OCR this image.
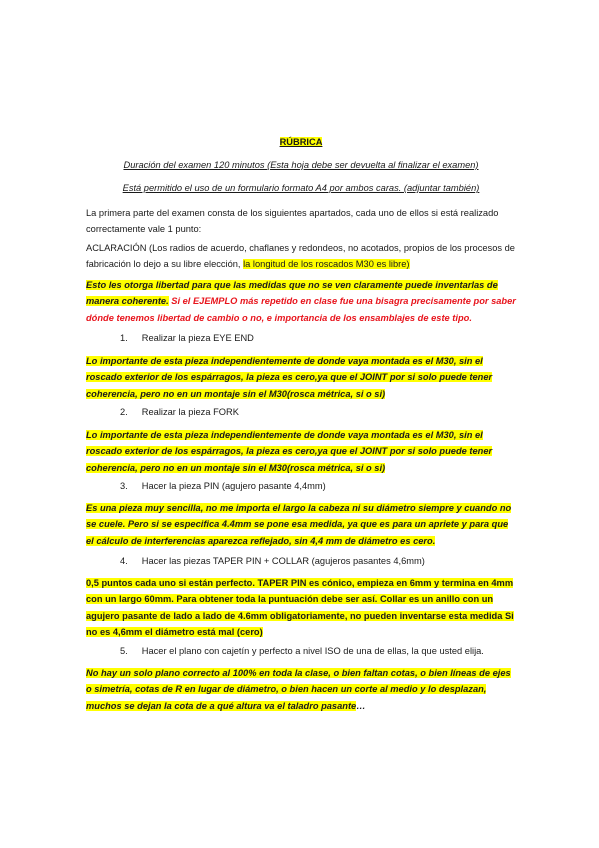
RÚBRICA

Duración del examen 120 minutos (Esta hoja debe ser devuelta al finalizar el examen)

Está permitido el uso de un formulario formato A4 por ambos caras. (adjuntar también)

La primera parte del examen consta de los siguientes apartados, cada uno de ellos si está realizado correctamente vale 1 punto:

ACLARACIÓN (Los radios de acuerdo, chaflanes y redondeos, no acotados, propios de los procesos de fabricación lo dejo a su libre elección, la longitud de los roscados M30 es libre)

Esto les otorga libertad para que las medidas que no se ven claramente puede inventarlas de manera coherente. Si el EJEMPLO más repetido en clase fue una bisagra precisamente por saber dónde tenemos libertad de cambio o no, e importancia de los ensamblajes de este tipo.

1. Realizar la pieza EYE END

Lo importante de esta pieza independientemente de donde vaya montada es el M30, sin el roscado exterior de los espárragos, la pieza es cero,ya que el JOINT por si solo puede tener coherencia, pero no en un montaje sin el M30(rosca métrica, si o si)

2. Realizar la pieza FORK

Lo importante de esta pieza independientemente de donde vaya montada es el M30, sin el roscado exterior de los espárragos, la pieza es cero,ya que el JOINT por si solo puede tener coherencia, pero no en un montaje sin el M30(rosca métrica, si o si)

3. Hacer la pieza PIN (agujero pasante 4,4mm)

Es una pieza muy sencilla, no me importa el largo la cabeza ni su diámetro siempre y cuando no se cuele. Pero si se especifica 4.4mm se pone esa medida, ya que es para un apriete y para que el cálculo de interferencias aparezca reflejado, sin 4,4 mm de diámetro es cero.

4. Hacer las piezas TAPER PIN + COLLAR (agujeros pasantes 4,6mm)

0,5 puntos cada uno si están perfecto. TAPER PIN es cónico, empieza en 6mm y termina en 4mm con un largo 60mm. Para obtener toda la puntuación debe ser así. Collar es un anillo con un agujero pasante de lado a lado de 4.6mm obligatoriamente, no pueden inventarse esta medida Si no es 4,6mm el diámetro está mal (cero)

5. Hacer el plano con cajetín y perfecto a nivel ISO de una de ellas, la que usted elija.

No hay un solo plano correcto al 100% en toda la clase, o bien faltan cotas, o bien líneas de ejes o simetría, cotas de R en lugar de diámetro, o bien hacen un corte al medio y lo desplazan, muchos se dejan la cota de a qué altura va el taladro pasante…
